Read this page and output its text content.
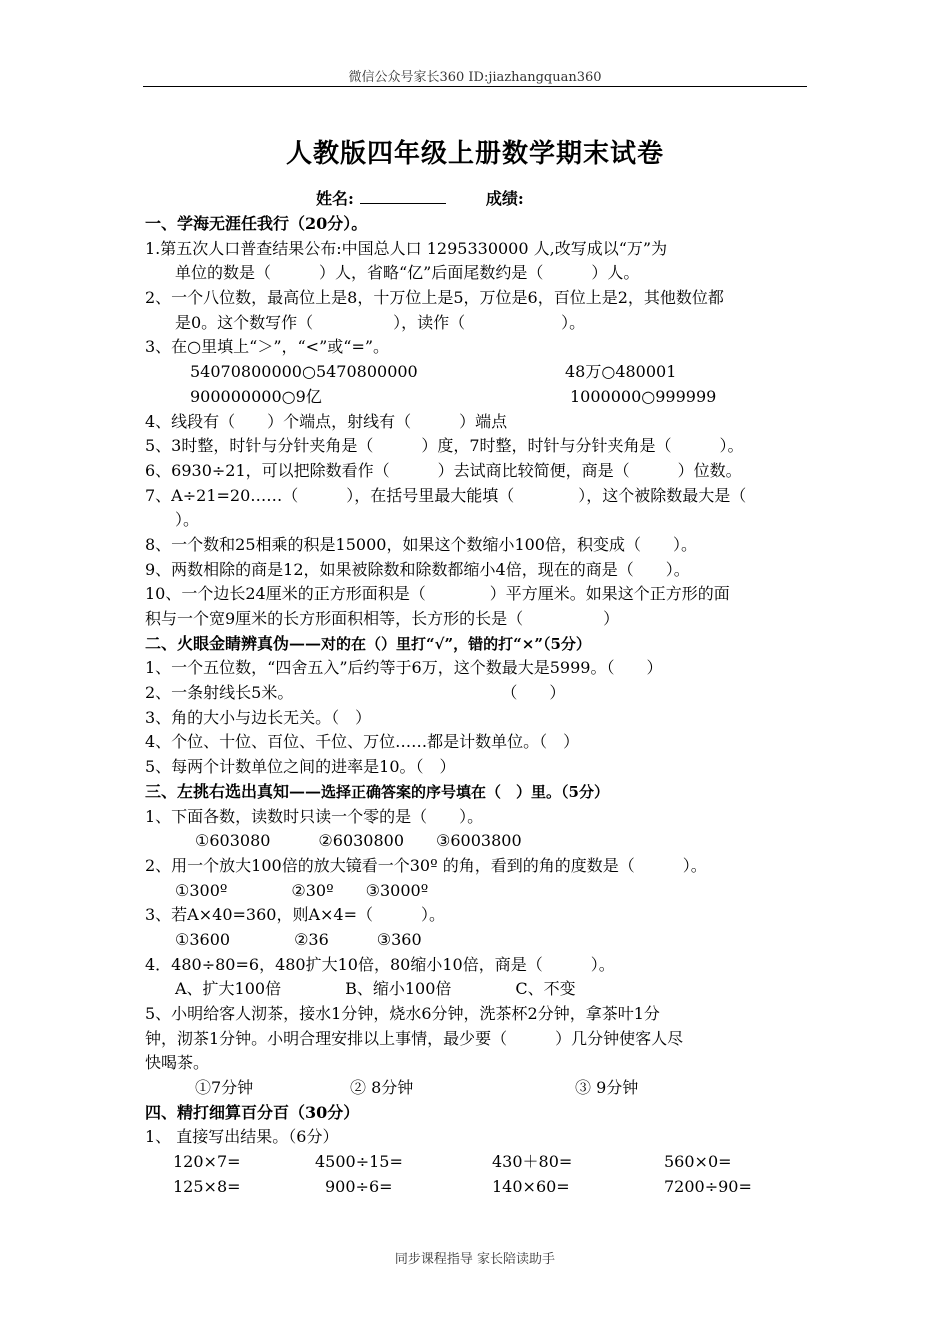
微信公众号家长360 ID:jiazhangquan360
人教版四年级上册数学期末试卷
姓名:	成绩:
一、学海无涯任我行（20分）。
1.第五次人口普查结果公布:中国总人口 1295330000 人,改写成以“万”为
单位的数是（　　　）人，省略“亿”后面尾数约是（　　　）人。
2、一个八位数，最高位上是8，十万位上是5，万位是6，百位上是2，其他数位都
是0。这个数写作（　　　　　），读作（　　　　　　）。
3、在○里填上“＞”，“<”或“=”。
54070800000○5470800000	48万○480001
900000000○9亿	1000000○999999
4、线段有（　　）个端点，射线有（　　　）端点
5、3时整，时针与分针夹角是（　　　）度，7时整，时针与分针夹角是（　　　）。
6、6930÷21，可以把除数看作（　　　）去试商比较简便，商是（　　　）位数。
7、A÷21=20……（　　　），在括号里最大能填（　　　　），这个被除数最大是（
）。
8、一个数和25相乘的积是15000，如果这个数缩小100倍，积变成（　　）。
9、两数相除的商是12，如果被除数和除数都缩小4倍，现在的商是（　　）。
10、一个边长24厘米的正方形面积是（　　　　）平方厘米。如果这个正方形的面
积与一个宽9厘米的长方形面积相等，长方形的长是（　　　　　）
二、火眼金睛辨真伪——对的在（）里打“√”，错的打“×”（5分）
1、一个五位数，“四舍五入”后约等于6万，这个数最大是5999。（　　）
2、一条射线长5米。　　　　　　　　　　　　　　（　　）
3、角的大小与边长无关。（　）
4、个位、十位、百位、千位、万位……都是计数单位。（　）
5、每两个计数单位之间的进率是10。（　）
三、左挑右选出真知——选择正确答案的序号填在（　）里。（5分）
1、下面各数，读数时只读一个零的是（　　）。
①603080　　　②6030800　　③6003800
2、用一个放大100倍的放大镜看一个30º 的角，看到的角的度数是（　　　）。
①300º　　　　②30º　　③3000º
3、若A×40=360，则A×4=（　　　）。
①3600　　　　②36　　　③360
4．480÷80=6，480扩大10倍，80缩小10倍，商是（　　　）。
A、扩大100倍　　　　B、缩小100倍　　　　C、不变
5、小明给客人沏茶，接水1分钟，烧水6分钟，洗茶杯2分钟，拿茶叶1分
钟，沏茶1分钟。小明合理安排以上事情，最少要（　　　）几分钟使客人尽
快喝茶。
①7分钟	② 8分钟	③ 9分钟
四、精打细算百分百（30分）
1、 直接写出结果。（6分）
120×7=	4500÷15=	430＋80=	560×0=
125×8=	900÷6=	140×60=	7200÷90=
同步课程指导 家长陪读助手
